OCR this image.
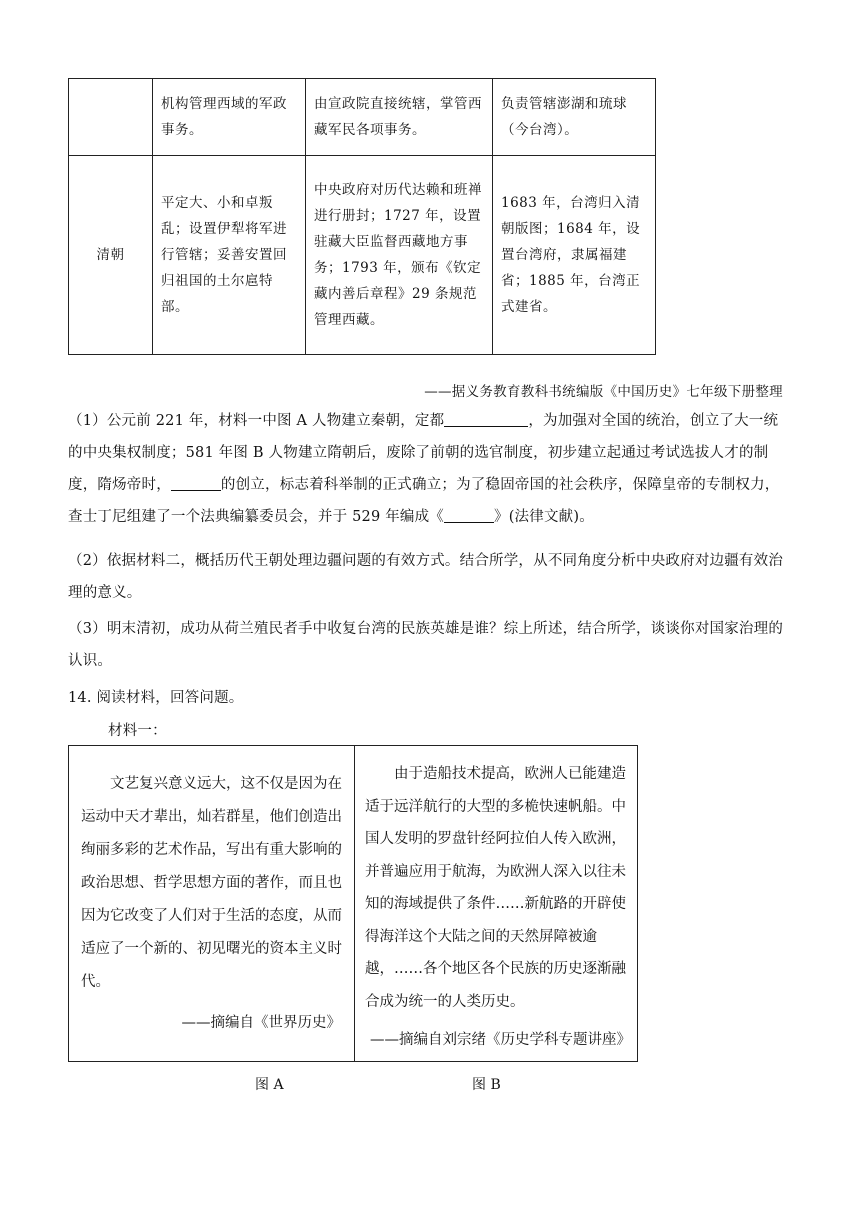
	机构管理西域的军政事务。	由宣政院直接统辖，掌管西藏军民各项事务。	负责管辖澎湖和琉球（今台湾）。
清朝	平定大、小和卓叛乱；设置伊犁将军进行管辖；妥善安置回归祖国的土尔扈特部。	中央政府对历代达赖和班禅进行册封；1727 年，设置驻藏大臣监督西藏地方事务；1793 年，颁布《钦定藏内善后章程》29 条规范管理西藏。	1683 年，台湾归入清朝版图；1684 年，设置台湾府，隶属福建省；1885 年，台湾正式建省。
——据义务教育教科书统编版《中国历史》七年级下册整理
（1）公元前 221 年，材料一中图 A 人物建立秦朝，定都	，为加强对全国的统治，创立了大一统的中央集权制度；581 年图 B 人物建立隋朝后，废除了前朝的选官制度，初步建立起通过考试选拔人才的制度，隋炀帝时，	的创立，标志着科举制的正式确立；为了稳固帝国的社会秩序，保障皇帝的专制权力，查士丁尼组建了一个法典编纂委员会，并于 529 年编成《	》(法律文献)。
（2）依据材料二，概括历代王朝处理边疆问题的有效方式。结合所学，从不同角度分析中央政府对边疆有效治理的意义。
（3）明末清初，成功从荷兰殖民者手中收复台湾的民族英雄是谁？综上所述，结合所学，谈谈你对国家治理的认识。
14. 阅读材料，回答问题。
材料一：
文艺复兴意义远大，这不仅是因为在运动中天才辈出，灿若群星，他们创造出绚丽多彩的艺术作品，写出有重大影响的政治思想、哲学思想方面的著作，而且也因为它改变了人们对于生活的态度，从而适应了一个新的、初见曙光的资本主义时代。
——摘编自《世界历史》
由于造船技术提高，欧洲人已能建造适于远洋航行的大型的多桅快速帆船。中国人发明的罗盘针经阿拉伯人传入欧洲，并普遍应用于航海，为欧洲人深入以往未知的海域提供了条件……新航路的开辟使得海洋这个大陆之间的天然屏障被逾越，……各个地区各个民族的历史逐渐融合成为统一的人类历史。
——摘编自刘宗绪《历史学科专题讲座》
图 A	图 B
